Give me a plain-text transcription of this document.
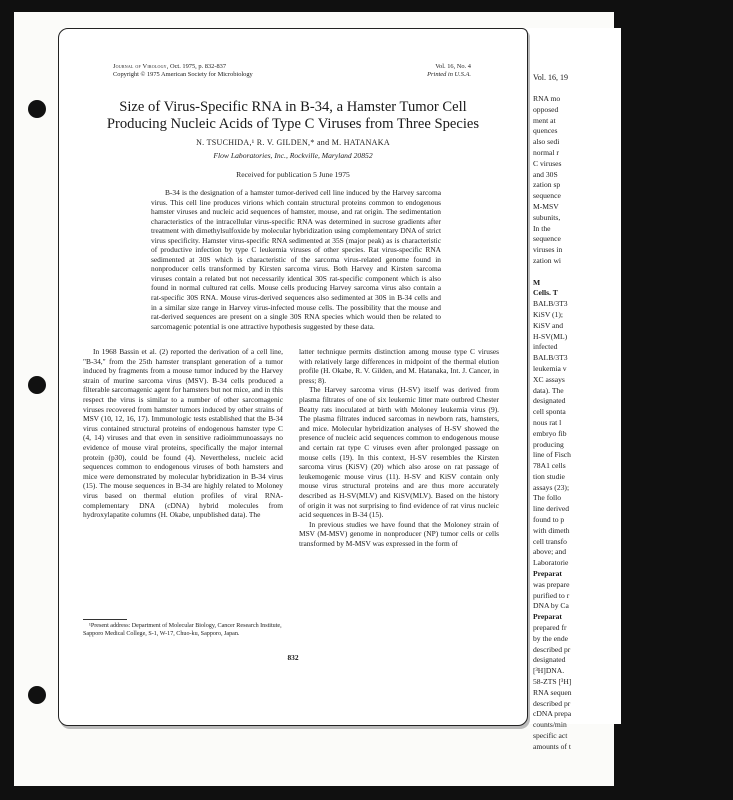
Vol. 16, 19
RNA mo
opposed
ment at
quences
also sedi
normal r
C viruses
and 30S
zation sp
sequence
M-MSV
subunits,
In the
sequence
viruses in
zation wi

M
Cells. T
BALB/3T3
KiSV (1);
KiSV and
H-SV(ML)
infected
BALB/3T3
leukemia v
XC assays
data). The
designated
cell sponta
nous rat l
embryo fib
producing
line of Fisch
78A1 cells
tion studie
assays (23);
The follo
line derived
found to p
with dimeth
cell transfo
above; and
Laboratorie
Preparat
was prepare
purified to r
DNA by Ca
Preparat
prepared fr
by the ende
described pr
designated
[³H]DNA.
58-ZTS [³H]
RNA sequen
described pr
cDNA prepa
counts/min
specific act
amounts of t
Journal of Virology, Oct. 1975, p. 832-837
Copyright © 1975 American Society for Microbiology
Vol. 16, No. 4
Printed in U.S.A.
Size of Virus-Specific RNA in B-34, a Hamster Tumor Cell
Producing Nucleic Acids of Type C Viruses from Three Species
N. TSUCHIDA,¹ R. V. GILDEN,* and M. HATANAKA
Flow Laboratories, Inc., Rockville, Maryland 20852
Received for publication 5 June 1975
B-34 is the designation of a hamster tumor-derived cell line induced by the Harvey sarcoma virus. This cell line produces virions which contain structural proteins common to endogenous hamster viruses and nucleic acid sequences of hamster, mouse, and rat origin. The sedimentation characteristics of the intracellular virus-specific RNA was determined in sucrose gradients after treatment with dimethylsulfoxide by molecular hybridization using complementary DNA of strict virus specificity. Hamster virus-specific RNA sedimented at 35S (major peak) as is characteristic of productive infection by type C leukemia viruses of other species. Rat virus-specific RNA sedimented at 30S which is characteristic of the sarcoma virus-related genome found in nonproducer cells transformed by Kirsten sarcoma virus. Both Harvey and Kirsten sarcoma viruses contain a related but not necessarily identical 30S rat-specific component which is also found in normal cultured rat cells. Mouse cells producing Harvey sarcoma virus also contain a rat-specific 30S RNA. Mouse virus-derived sequences also sedimented at 30S in B-34 cells and in a similar size range in Harvey virus-infected mouse cells. The possibility that the mouse and rat-derived sequences are present on a single 30S RNA species which would then be related to sarcomagenic potential is one attractive hypothesis suggested by these data.

In 1968 Bassin et al. (2) reported the derivation of a cell line, "B-34," from the 25th hamster transplant generation of a tumor induced by fragments from a mouse tumor induced by the Harvey strain of murine sarcoma virus (MSV). B-34 cells produced a filterable sarcomagenic agent for hamsters but not mice, and in this respect the virus is similar to a number of other sarcomagenic viruses recovered from hamster tumors induced by other strains of MSV (10, 12, 16, 17). Immunologic tests established that the B-34 virus contained structural proteins of endogenous hamster type C (4, 14) viruses and that even in sensitive radioimmunoassays no evidence of mouse viral proteins, specifically the major internal protein (p30), could be found (4). Nevertheless, nucleic acid sequences common to endogenous viruses of both hamsters and mice were demonstrated by molecular hybridization in B-34 virus (15). The mouse sequences in B-34 are highly related to Moloney virus based on thermal elution profiles of viral RNA-complementary DNA (cDNA) hybrid molecules from hydroxylapatite columns (H. Okabe, unpublished data). The

latter technique permits distinction among mouse type C viruses with relatively large differences in midpoint of the thermal elution profile (H. Okabe, R. V. Gilden, and M. Hatanaka, Int. J. Cancer, in press; 8).

The Harvey sarcoma virus (H-SV) itself was derived from plasma filtrates of one of six leukemic litter mate outbred Chester Beatty rats inoculated at birth with Moloney leukemia virus (9). The plasma filtrates induced sarcomas in newborn rats, hamsters, and mice. Molecular hybridization analyses of H-SV showed the presence of nucleic acid sequences common to endogenous mouse and certain rat type C viruses even after prolonged passage on mouse cells (19). In this context, H-SV resembles the Kirsten sarcoma virus (KiSV) (20) which also arose on rat passage of leukemogenic mouse virus (11). H-SV and KiSV contain only mouse virus structural proteins and are thus more accurately described as H-SV(MLV) and KiSV(MLV). Based on the history of origin it was not surprising to find evidence of rat virus nucleic acid sequences in B-34 (15).

In previous studies we have found that the Moloney strain of MSV (M-MSV) genome in nonproducer (NP) tumor cells or cells transformed by M-MSV was expressed in the form of

¹Present address: Department of Molecular Biology, Cancer Research Institute, Sapporo Medical College, S-1, W-17, Chuo-ku, Sapporo, Japan.
832
